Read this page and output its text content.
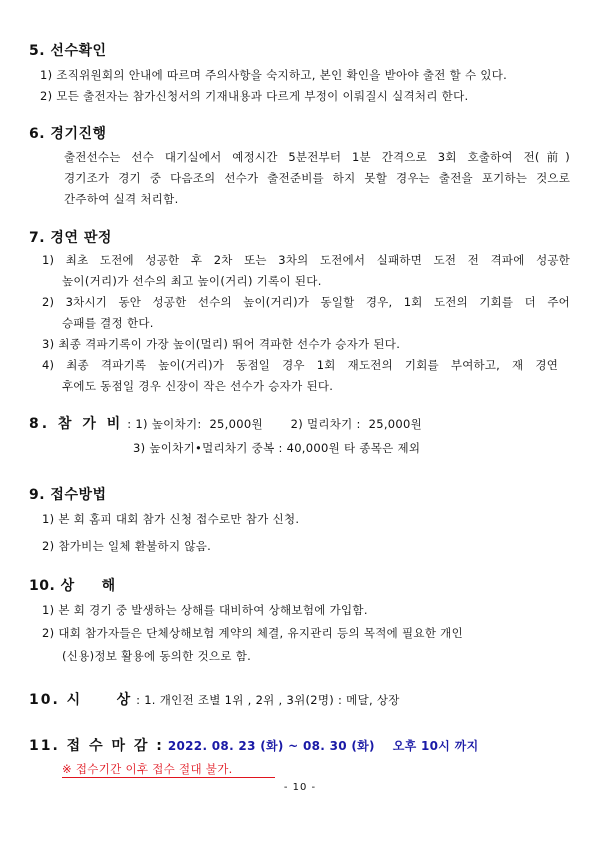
5. 선수확인
1) 조직위원회의 안내에 따르며 주의사항을 숙지하고, 본인 확인을 받아야 출전 할 수 있다.
2) 모든 출전자는 참가신청서의 기재내용과 다르게 부정이 이뤄질시 실격처리 한다.
6. 경기진행
출전선수는 선수 대기실에서 예정시간 5분전부터 1분 간격으로 3회 호출하여 전(前)
경기조가 경기 중 다음조의 선수가 출전준비를 하지 못할 경우는 출전을 포기하는 것으로
간주하여 실격 처리함.
7. 경연 판정
1) 최초 도전에 성공한 후 2차 또는 3차의 도전에서 실패하면 도전 전 격파에 성공한
높이(거리)가 선수의 최고 높이(거리) 기록이 된다.
2) 3차시기 동안 성공한 선수의 높이(거리)가 동일할 경우, 1회 도전의 기회를 더 주어
승패를 결정 한다.
3) 최종 격파기록이 가장 높이(멀리) 뛰어 격파한 선수가 승자가 된다.
4) 최종 격파기록 높이(거리)가 동점일 경우 1회 재도전의 기회를 부여하고, 재 경연
후에도 동점일 경우 신장이 작은 선수가 승자가 된다.
8. 참 가 비 : 1) 높이차기:  25,000원       2) 멀리차기 :  25,000원
3) 높이차기•멀리차기 중복 : 40,000원 타 종목은 제외
9. 접수방법
1) 본 회 홈피 대회 참가 신청 접수로만 참가 신청.
2) 참가비는 일체 환불하지 않음.
10. 상     해
1) 본 회 경기 중 발생하는 상해를 대비하여 상해보험에 가입함.
2) 대회 참가자들은 단체상해보험 계약의 체결, 유지관리 등의 목적에 필요한 개인
(신용)정보 활용에 동의한 것으로 함.
10. 시     상 : 1. 개인전 조별 1위 , 2위 , 3위(2명) : 메달, 상장
11. 접 수 마 감 : 2022. 08. 23 (화) ~ 08. 30 (화)    오후 10시 까지
※ 접수기간 이후 접수 절대 불가.
- 10 -
